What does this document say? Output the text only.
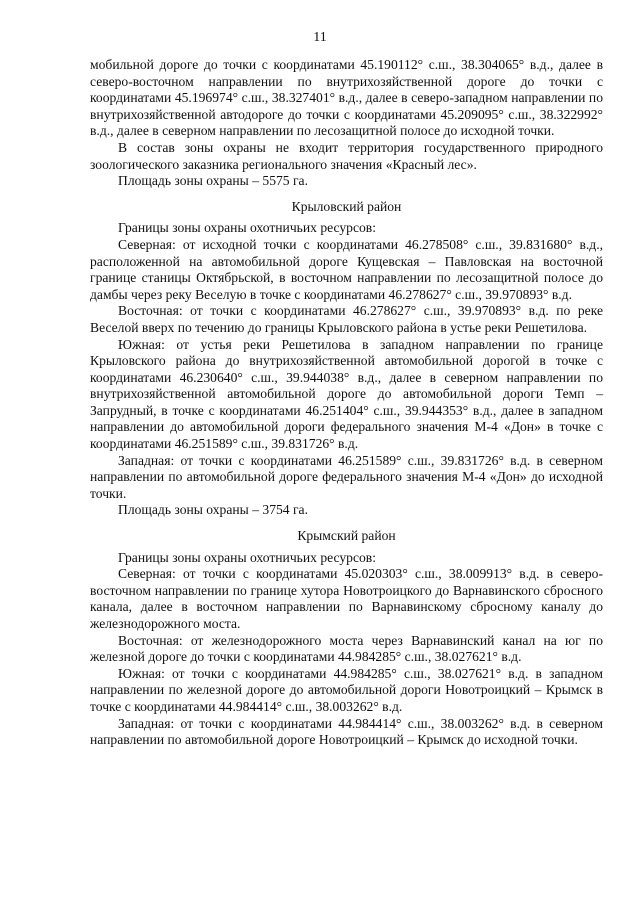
11

мобильной дороге до точки с координатами 45.190112° с.ш., 38.304065° в.д., далее в северо-восточном направлении по внутрихозяйственной дороге до точки с координатами 45.196974° с.ш., 38.327401° в.д., далее в северо-западном направлении по внутрихозяйственной автодороге до точки с координатами 45.209095° с.ш., 38.322992° в.д., далее в северном направлении по лесозащитной полосе до исходной точки.

В состав зоны охраны не входит территория государственного природного зоологического заказника регионального значения «Красный лес».

Площадь зоны охраны – 5575 га.

Крыловский район

Границы зоны охраны охотничьих ресурсов:

Северная: от исходной точки с координатами 46.278508° с.ш., 39.831680° в.д., расположенной на автомобильной дороге Кущевская – Павловская на восточной границе станицы Октябрьской, в восточном направлении по лесозащитной полосе до дамбы через реку Веселую в точке с координатами 46.278627° с.ш., 39.970893° в.д.

Восточная: от точки с координатами 46.278627° с.ш., 39.970893° в.д. по реке Веселой вверх по течению до границы Крыловского района в устье реки Решетилова.

Южная: от устья реки Решетилова в западном направлении по границе Крыловского района до внутрихозяйственной автомобильной дорогой в точке с координатами 46.230640° с.ш., 39.944038° в.д., далее в северном направлении по внутрихозяйственной автомобильной дороге до автомобильной дороги Темп – Запрудный, в точке с координатами 46.251404° с.ш., 39.944353° в.д., далее в западном направлении до автомобильной дороги федерального значения М-4 «Дон» в точке с координатами 46.251589° с.ш., 39.831726° в.д.

Западная: от точки с координатами 46.251589° с.ш., 39.831726° в.д. в северном направлении по автомобильной дороге федерального значения М-4 «Дон» до исходной точки.

Площадь зоны охраны – 3754 га.

Крымский район

Границы зоны охраны охотничьих ресурсов:

Северная: от точки с координатами 45.020303° с.ш., 38.009913° в.д. в северо-восточном направлении по границе хутора Новотроицкого до Варнавинского сбросного канала, далее в восточном направлении по Варнавинскому сбросному каналу до железнодорожного моста.

Восточная: от железнодорожного моста через Варнавинский канал на юг по железной дороге до точки с координатами 44.984285° с.ш., 38.027621° в.д.

Южная: от точки с координатами 44.984285° с.ш., 38.027621° в.д. в западном направлении по железной дороге до автомобильной дороги Новотроицкий – Крымск в точке с координатами 44.984414° с.ш., 38.003262° в.д.

Западная: от точки с координатами 44.984414° с.ш., 38.003262° в.д. в северном направлении по автомобильной дороге Новотроицкий – Крымск до исходной точки.
